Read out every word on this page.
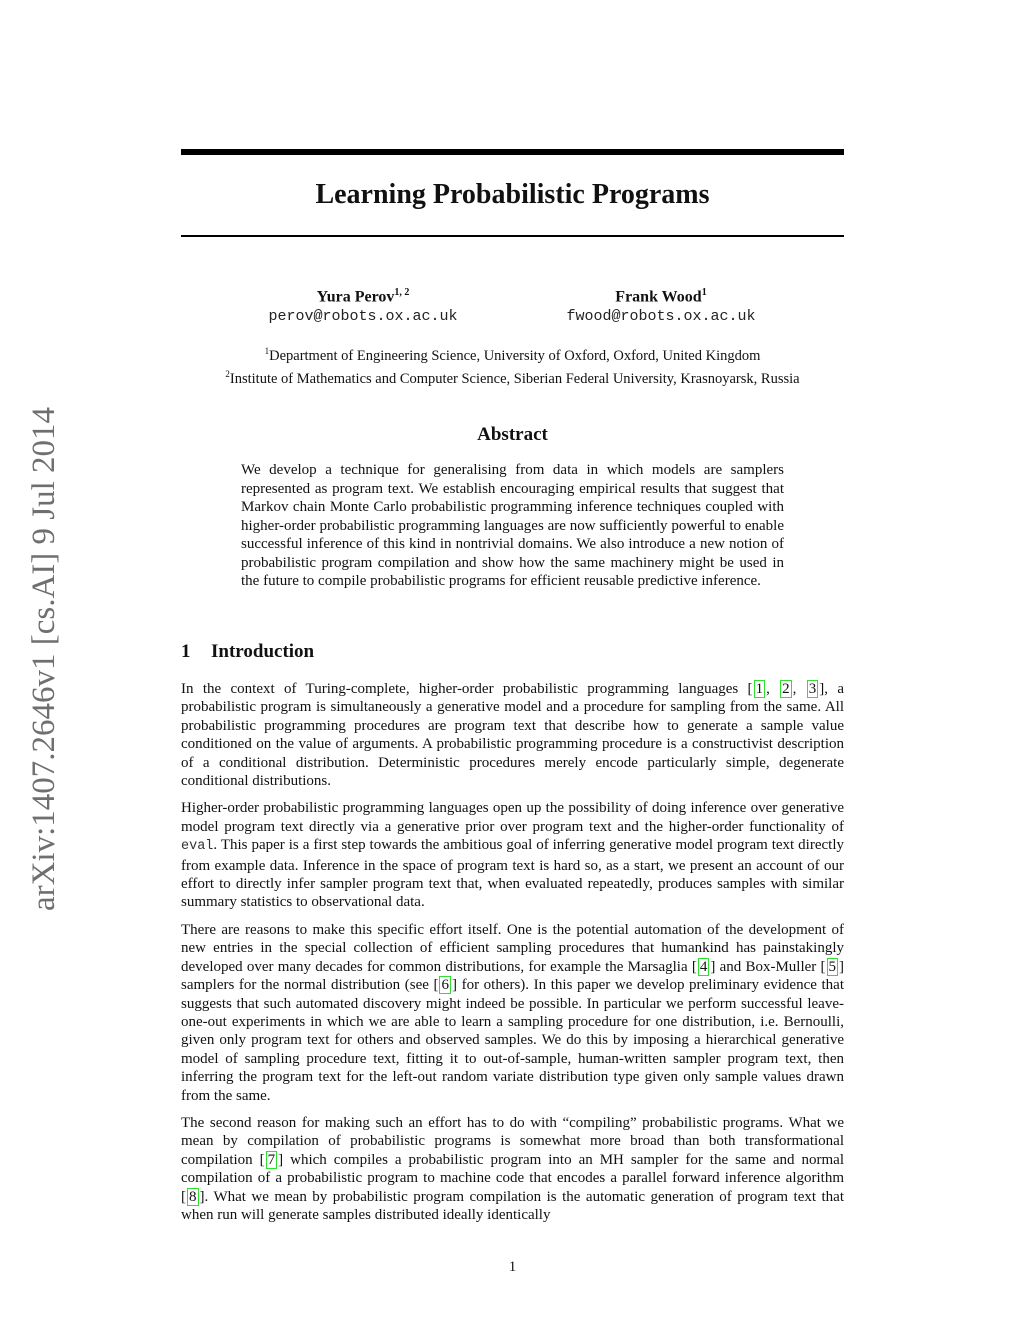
arXiv:1407.2646v1 [cs.AI] 9 Jul 2014
Learning Probabilistic Programs
Yura Perov$^{1, 2}$
perov@robots.ox.ac.uk
Frank Wood$^1$
fwood@robots.ox.ac.uk
$^1$Department of Engineering Science, University of Oxford, Oxford, United Kingdom
$^2$Institute of Mathematics and Computer Science, Siberian Federal University, Krasnoyarsk, Russia
Abstract

We develop a technique for generalising from data in which models are samplers represented as program text. We establish encouraging empirical results that suggest that Markov chain Monte Carlo probabilistic programming inference techniques coupled with higher-order probabilistic programming languages are now sufficiently powerful to enable successful inference of this kind in nontrivial domains. We also introduce a new notion of probabilistic program compilation and show how the same machinery might be used in the future to compile probabilistic programs for efficient reusable predictive inference.

1 Introduction

In the context of Turing-complete, higher-order probabilistic programming languages [ 1 , 2 , 3 ], a probabilistic program is simultaneously a generative model and a procedure for sampling from the same. All probabilistic programming procedures are program text that describe how to generate a sample value conditioned on the value of arguments. A probabilistic programming procedure is a constructivist description of a conditional distribution. Deterministic procedures merely encode particularly simple, degenerate conditional distributions.

Higher-order probabilistic programming languages open up the possibility of doing inference over generative model program text directly via a generative prior over program text and the higher-order functionality of eval. This paper is a first step towards the ambitious goal of inferring generative model program text directly from example data. Inference in the space of program text is hard so, as a start, we present an account of our effort to directly infer sampler program text that, when evaluated repeatedly, produces samples with similar summary statistics to observational data.

There are reasons to make this specific effort itself. One is the potential automation of the development of new entries in the special collection of efficient sampling procedures that humankind has painstakingly developed over many decades for common distributions, for example the Marsaglia [ 4 ] and Box-Muller [ 5 ] samplers for the normal distribution (see [ 6 ] for others). In this paper we develop preliminary evidence that suggests that such automated discovery might indeed be possible. In particular we perform successful leave-one-out experiments in which we are able to learn a sampling procedure for one distribution, i.e. Bernoulli, given only program text for others and observed samples. We do this by imposing a hierarchical generative model of sampling procedure text, fitting it to out-of-sample, human-written sampler program text, then inferring the program text for the left-out random variate distribution type given only sample values drawn from the same.

The second reason for making such an effort has to do with “compiling” probabilistic programs. What we mean by compilation of probabilistic programs is somewhat more broad than both transformational compilation [ 7 ] which compiles a probabilistic program into an MH sampler for the same and normal compilation of a probabilistic program to machine code that encodes a parallel forward inference algorithm [ 8 ]. What we mean by probabilistic program compilation is the automatic generation of program text that when run will generate samples distributed ideally identically

1
